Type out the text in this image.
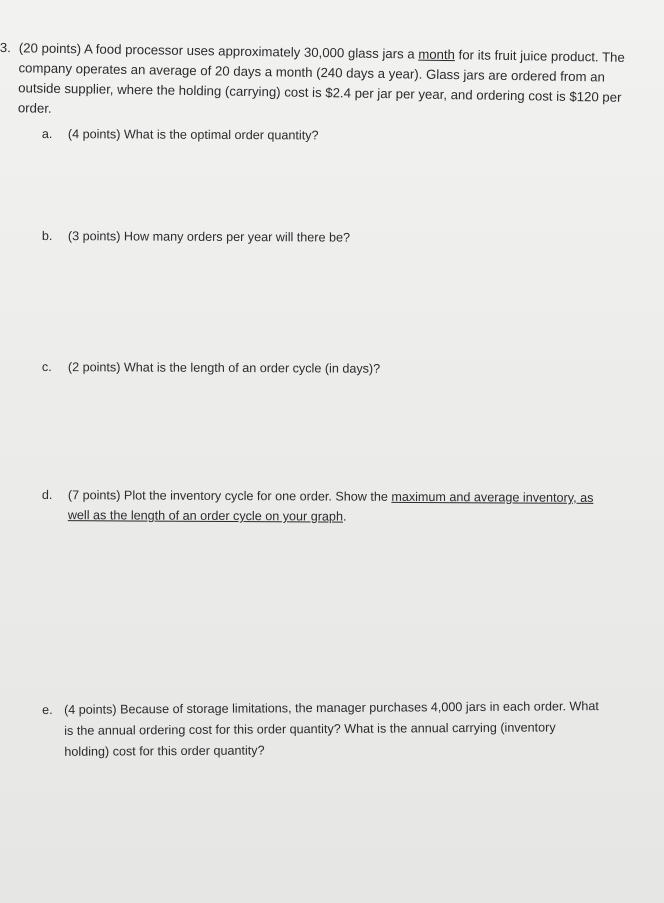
3. (20 points) A food processor uses approximately 30,000 glass jars a month for its fruit juice product. The
company operates an average of 20 days a month (240 days a year). Glass jars are ordered from an
outside supplier, where the holding (carrying) cost is $2.4 per jar per year, and ordering cost is $120 per
order.
a. (4 points) What is the optimal order quantity?
b. (3 points) How many orders per year will there be?
c. (2 points) What is the length of an order cycle (in days)?
d. (7 points) Plot the inventory cycle for one order. Show the maximum and average inventory, as
well as the length of an order cycle on your graph.
e. (4 points) Because of storage limitations, the manager purchases 4,000 jars in each order. What
is the annual ordering cost for this order quantity? What is the annual carrying (inventory
holding) cost for this order quantity?
